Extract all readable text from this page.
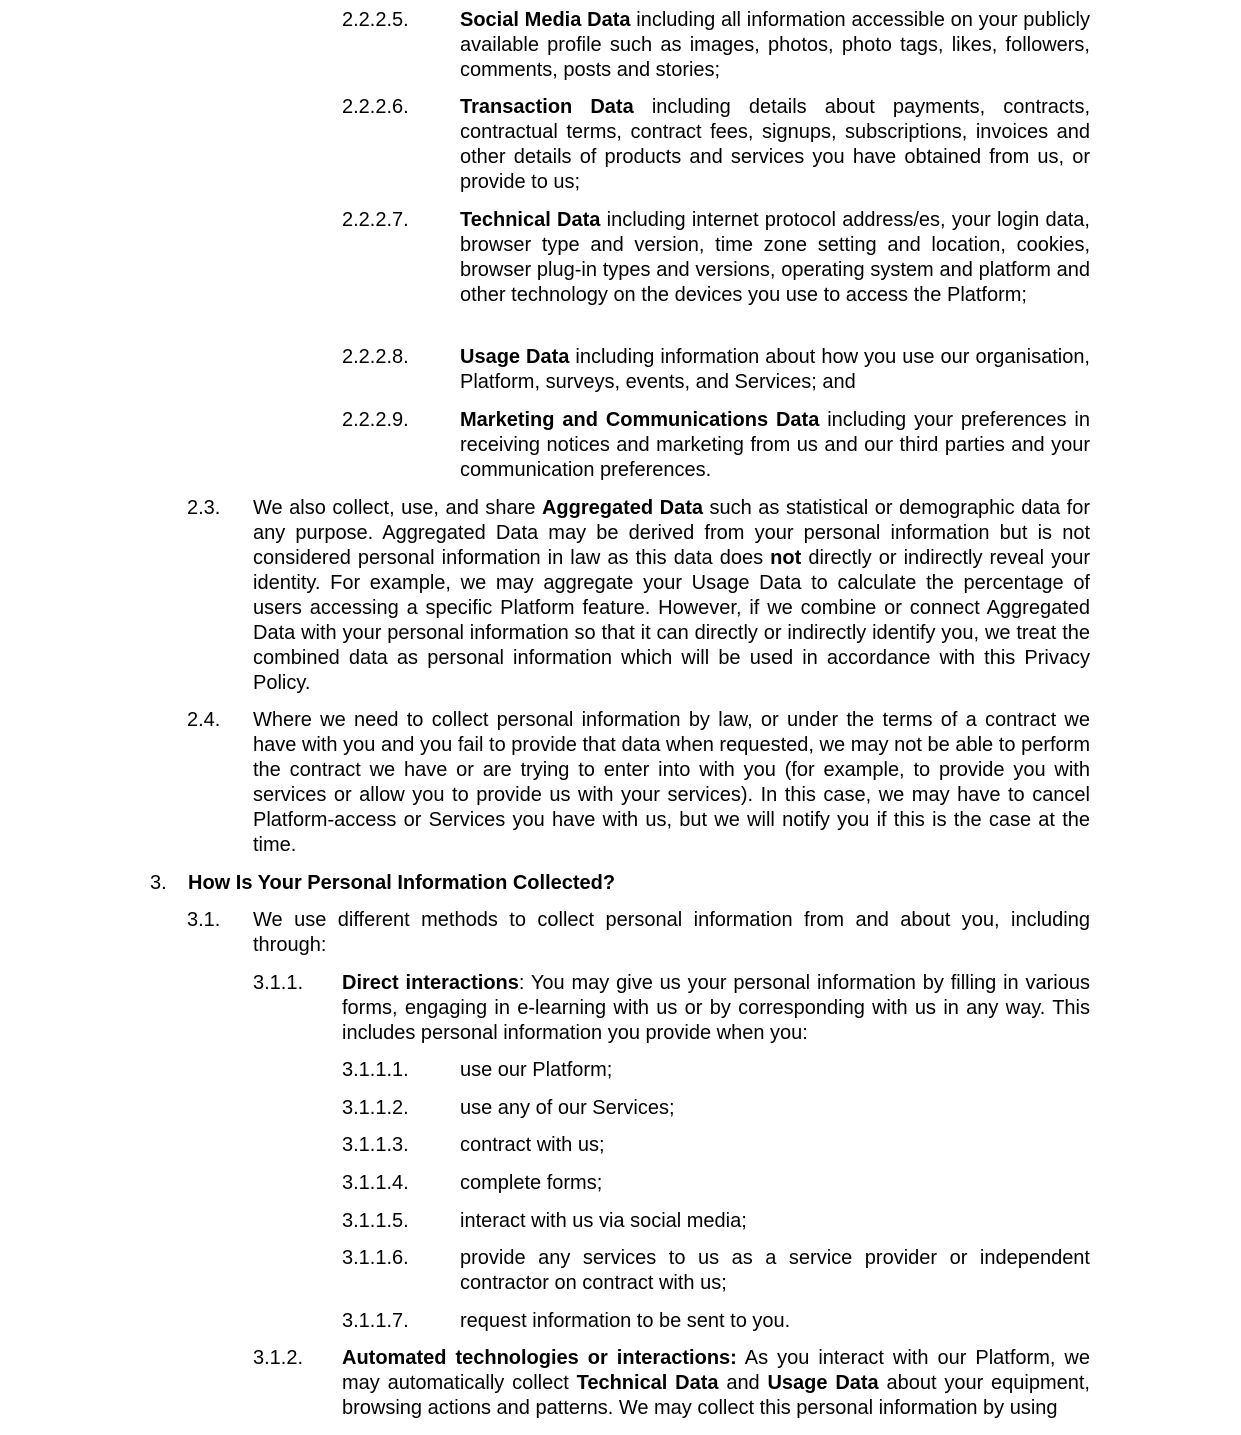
2.2.2.5.	Social Media Data including all information accessible on your publicly available profile such as images, photos, photo tags, likes, followers, comments, posts and stories;
2.2.2.6.	Transaction Data including details about payments, contracts, contractual terms, contract fees, signups, subscriptions, invoices and other details of products and services you have obtained from us, or provide to us;
2.2.2.7.	Technical Data including internet protocol address/es, your login data, browser type and version, time zone setting and location, cookies, browser plug-in types and versions, operating system and platform and other technology on the devices you use to access the Platform;
2.2.2.8.	Usage Data including information about how you use our organisation, Platform, surveys, events, and Services; and
2.2.2.9.	Marketing and Communications Data including your preferences in receiving notices and marketing from us and our third parties and your communication preferences.
2.3. We also collect, use, and share Aggregated Data such as statistical or demographic data for any purpose. Aggregated Data may be derived from your personal information but is not considered personal information in law as this data does not directly or indirectly reveal your identity. For example, we may aggregate your Usage Data to calculate the percentage of users accessing a specific Platform feature. However, if we combine or connect Aggregated Data with your personal information so that it can directly or indirectly identify you, we treat the combined data as personal information which will be used in accordance with this Privacy Policy.
2.4. Where we need to collect personal information by law, or under the terms of a contract we have with you and you fail to provide that data when requested, we may not be able to perform the contract we have or are trying to enter into with you (for example, to provide you with services or allow you to provide us with your services). In this case, we may have to cancel Platform-access or Services you have with us, but we will notify you if this is the case at the time.
3. How Is Your Personal Information Collected?
3.1. We use different methods to collect personal information from and about you, including through:
3.1.1. Direct interactions: You may give us your personal information by filling in various forms, engaging in e-learning with us or by corresponding with us in any way. This includes personal information you provide when you:
3.1.1.1.	use our Platform;
3.1.1.2.	use any of our Services;
3.1.1.3.	contract with us;
3.1.1.4.	complete forms;
3.1.1.5.	interact with us via social media;
3.1.1.6.	provide any services to us as a service provider or independent contractor on contract with us;
3.1.1.7.	request information to be sent to you.
3.1.2. Automated technologies or interactions: As you interact with our Platform, we may automatically collect Technical Data and Usage Data about your equipment, browsing actions and patterns. We may collect this personal information by using
